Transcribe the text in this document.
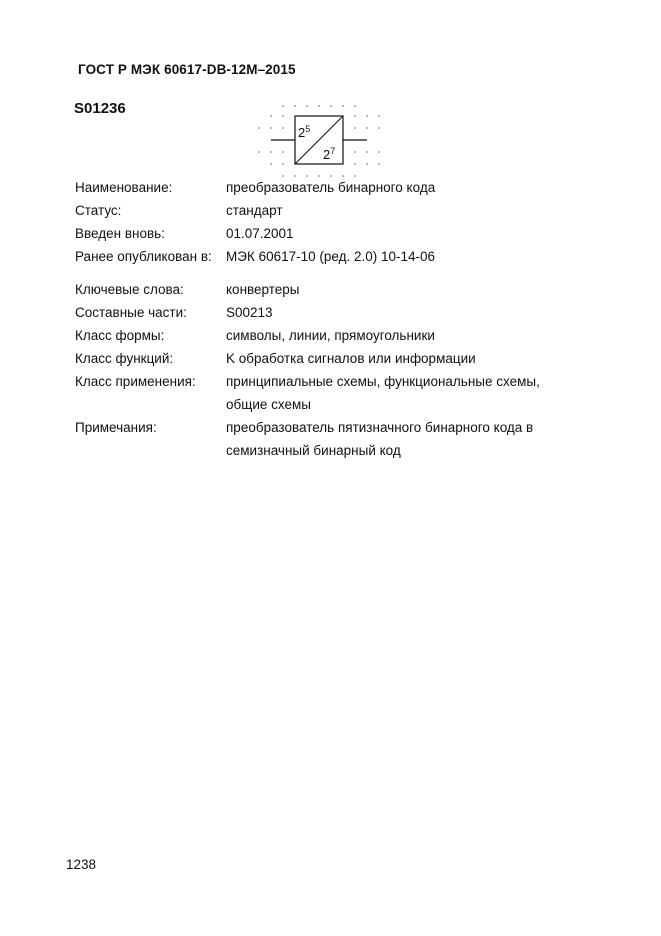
ГОСТ Р МЭК 60617-DB-12M–2015
S01236
$2^5$
$2^7$
Наименование:	преобразователь бинарного кода
Статус:	стандарт
Введен вновь:	01.07.2001
Ранее опубликован в: МЭК 60617-10 (ред. 2.0) 10-14-06
Ключевые слова:	конвертеры
Составные части:	S00213
Класс формы:	символы, линии, прямоугольники
Класс функций:	K обработка сигналов или информации
Класс применения: принципиальные схемы, функциональные схемы,
общие схемы
Примечания:	преобразователь пятизначного бинарного кода в
семизначный бинарный код
1238
